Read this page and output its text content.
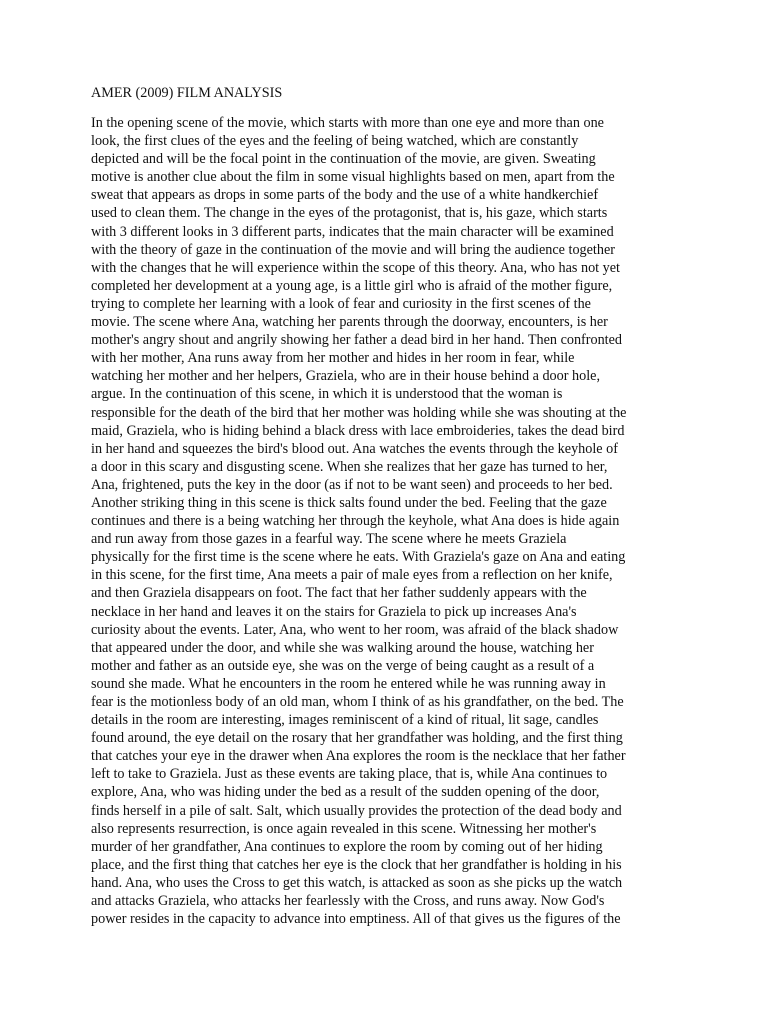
AMER (2009) FILM ANALYSIS
In the opening scene of the movie, which starts with more than one eye and more than one
look, the first clues of the eyes and the feeling of being watched, which are constantly
depicted and will be the focal point in the continuation of the movie, are given. Sweating
motive is another clue about the film in some visual highlights based on men, apart from the
sweat that appears as drops in some parts of the body and the use of a white handkerchief
used to clean them. The change in the eyes of the protagonist, that is, his gaze, which starts
with 3 different looks in 3 different parts, indicates that the main character will be examined
with the theory of gaze in the continuation of the movie and will bring the audience together
with the changes that he will experience within the scope of this theory. Ana, who has not yet
completed her development at a young age, is a little girl who is afraid of the mother figure,
trying to complete her learning with a look of fear and curiosity in the first scenes of the
movie. The scene where Ana, watching her parents through the doorway, encounters, is her
mother's angry shout and angrily showing her father a dead bird in her hand. Then confronted
with her mother, Ana runs away from her mother and hides in her room in fear, while
watching her mother and her helpers, Graziela, who are in their house behind a door hole,
argue. In the continuation of this scene, in which it is understood that the woman is
responsible for the death of the bird that her mother was holding while she was shouting at the
maid, Graziela, who is hiding behind a black dress with lace embroideries, takes the dead bird
in her hand and squeezes the bird's blood out. Ana watches the events through the keyhole of
a door in this scary and disgusting scene. When she realizes that her gaze has turned to her,
Ana, frightened, puts the key in the door (as if not to be want seen) and proceeds to her bed.
Another striking thing in this scene is thick salts found under the bed. Feeling that the gaze
continues and there is a being watching her through the keyhole, what Ana does is hide again
and run away from those gazes in a fearful way. The scene where he meets Graziela
physically for the first time is the scene where he eats. With Graziela's gaze on Ana and eating
in this scene, for the first time, Ana meets a pair of male eyes from a reflection on her knife,
and then Graziela disappears on foot. The fact that her father suddenly appears with the
necklace in her hand and leaves it on the stairs for Graziela to pick up increases Ana's
curiosity about the events. Later, Ana, who went to her room, was afraid of the black shadow
that appeared under the door, and while she was walking around the house, watching her
mother and father as an outside eye, she was on the verge of being caught as a result of a
sound she made. What he encounters in the room he entered while he was running away in
fear is the motionless body of an old man, whom I think of as his grandfather, on the bed. The
details in the room are interesting, images reminiscent of a kind of ritual, lit sage, candles
found around, the eye detail on the rosary that her grandfather was holding, and the first thing
that catches your eye in the drawer when Ana explores the room is the necklace that her father
left to take to Graziela. Just as these events are taking place, that is, while Ana continues to
explore, Ana, who was hiding under the bed as a result of the sudden opening of the door,
finds herself in a pile of salt. Salt, which usually provides the protection of the dead body and
also represents resurrection, is once again revealed in this scene. Witnessing her mother's
murder of her grandfather, Ana continues to explore the room by coming out of her hiding
place, and the first thing that catches her eye is the clock that her grandfather is holding in his
hand. Ana, who uses the Cross to get this watch, is attacked as soon as she picks up the watch
and attacks Graziela, who attacks her fearlessly with the Cross, and runs away. Now God's
power resides in the capacity to advance into emptiness. All of that gives us the figures of the
